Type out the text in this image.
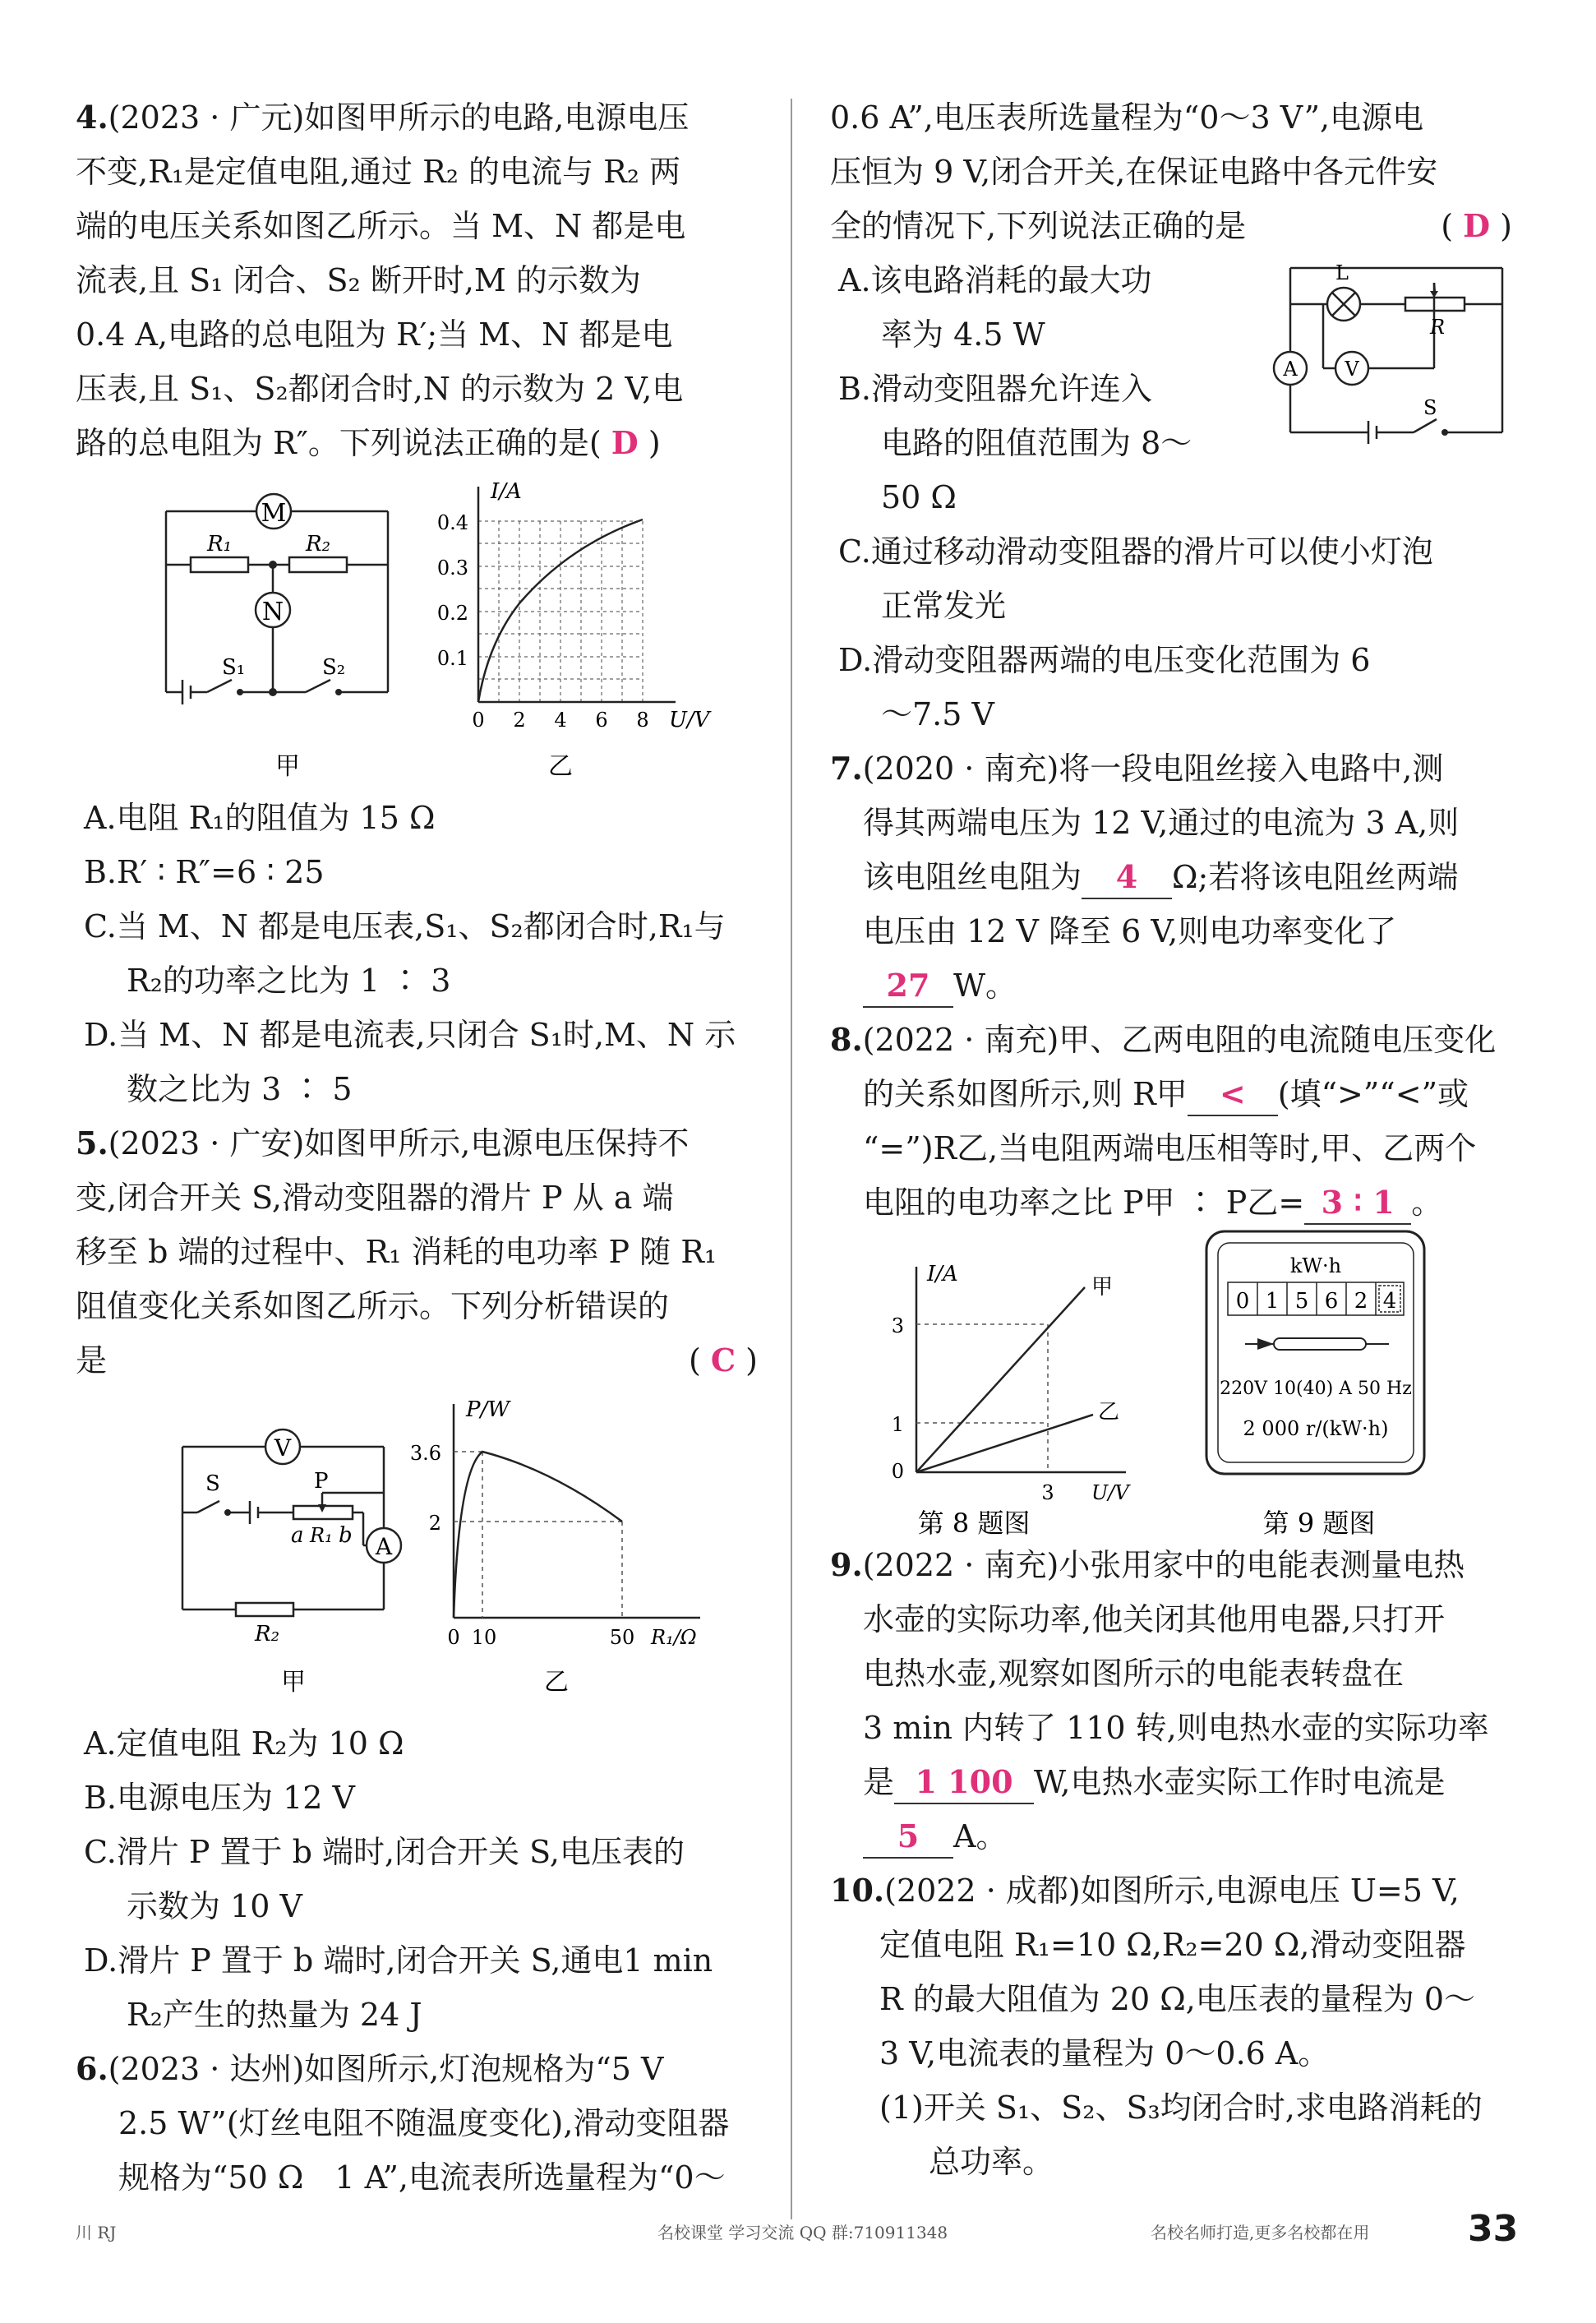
4.(2023 · 广元)如图甲所示的电路,电源电压
不变,R₁是定值电阻,通过 R₂ 的电流与 R₂ 两
端的电压关系如图乙所示。当 M、N 都是电
流表,且 S₁ 闭合、S₂ 断开时,M 的示数为
0.4 A,电路的总电阻为 R′;当 M、N 都是电
压表,且 S₁、S₂都闭合时,N 的示数为 2 V,电
路的总电阻为 R″。下列说法正确的是( D )
M
N
R₁	R₂
S₁	S₂
甲
I/A
U/V
0.4
0.3
0.2
0.1
0 2 4 6 8
乙
A.电阻 R₁的阻值为 15 Ω
B.R′ ∶ R″=6 ∶ 25
C.当 M、N 都是电压表,S₁、S₂都闭合时,R₁与
R₂的功率之比为 1 ∶ 3
D.当 M、N 都是电流表,只闭合 S₁时,M、N 示
数之比为 3 ∶ 5
5.(2023 · 广安)如图甲所示,电源电压保持不
变,闭合开关 S,滑动变阻器的滑片 P 从 a 端
移至 b 端的过程中、R₁ 消耗的电功率 P 随 R₁
阻值变化关系如图乙所示。下列分析错误的
是	( C )
V
A
S	P
a R₁ b
R₂
甲
P/W
3.6
2
0 10	50 R₁/Ω
乙
A.定值电阻 R₂为 10 Ω
B.电源电压为 12 V
C.滑片 P 置于 b 端时,闭合开关 S,电压表的
示数为 10 V
D.滑片 P 置于 b 端时,闭合开关 S,通电1 min
R₂产生的热量为 24 J
6.(2023 · 达州)如图所示,灯泡规格为“5 V
2.5 W”(灯丝电阻不随温度变化),滑动变阻器
规格为“50 Ω　1 A”,电流表所选量程为“0～
0.6 A”,电压表所选量程为“0～3 V”,电源电
压恒为 9 V,闭合开关,在保证电路中各元件安
全的情况下,下列说法正确的是	( D )
L
R
A V
S
A.该电路消耗的最大功
率为 4.5 W
B.滑动变阻器允许连入
电路的阻值范围为 8～
50 Ω
C.通过移动滑动变阻器的滑片可以使小灯泡
正常发光
D.滑动变阻器两端的电压变化范围为 6
～7.5 V
7.(2020 · 南充)将一段电阻丝接入电路中,测
得其两端电压为 12 V,通过的电流为 3 A,则
该电阻丝电阻为 4 Ω;若将该电阻丝两端
电压由 12 V 降至 6 V,则电功率变化了
27 W。
8.(2022 · 南充)甲、乙两电阻的电流随电压变化
的关系如图所示,则 R甲 < (填“>”“<”或
“=”)R乙,当电阻两端电压相等时,甲、乙两个
电阻的电功率之比 P甲 ∶ P乙= 3 ∶ 1 。
I/A
3
1
0
3 U/V
甲
乙
第 8 题图
kW·h
0 1 5 6 2 4
220V 10(40) A 50 Hz
2 000 r/(kW·h)
第 9 题图
9.(2022 · 南充)小张用家中的电能表测量电热
水壶的实际功率,他关闭其他用电器,只打开
电热水壶,观察如图所示的电能表转盘在
3 min 内转了 110 转,则电热水壶的实际功率
是 1 100 W,电热水壶实际工作时电流是
5 A。
10.(2022 · 成都)如图所示,电源电压 U=5 V,
定值电阻 R₁=10 Ω,R₂=20 Ω,滑动变阻器
R 的最大阻值为 20 Ω,电压表的量程为 0～
3 V,电流表的量程为 0～0.6 A。
(1)开关 S₁、S₂、S₃均闭合时,求电路消耗的
总功率。
川 RJ	名校课堂 学习交流 QQ 群:710911348	名校名师打造,更多名校都在用	33
